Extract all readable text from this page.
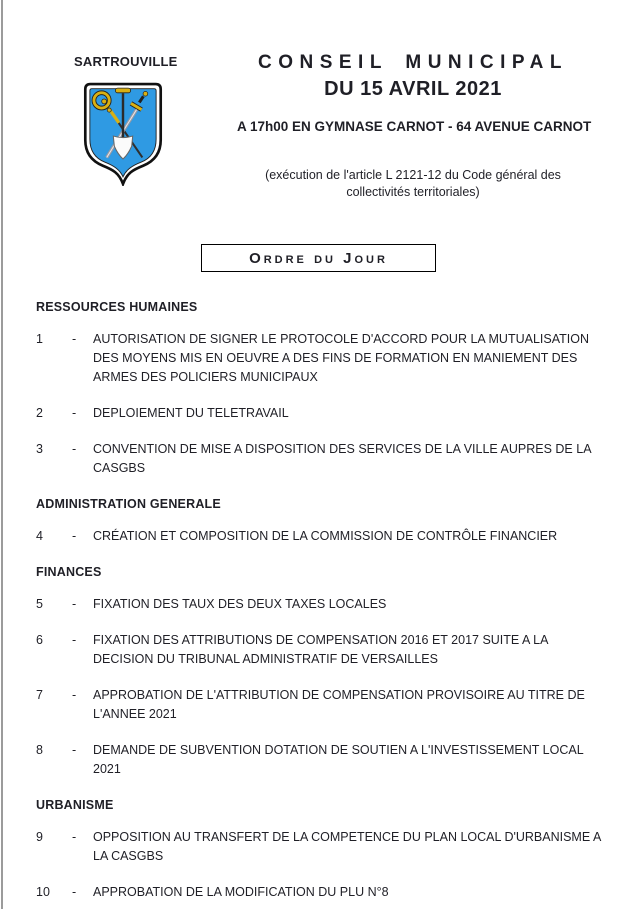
SARTROUVILLE	CONSEIL MUNICIPAL
DU 15 AVRIL 2021
A 17h00 EN GYMNASE CARNOT - 64 AVENUE CARNOT
(exécution de l'article L 2121-12 du Code général des collectivités territoriales)
Ordre du Jour
RESSOURCES HUMAINES
1	-	AUTORISATION DE SIGNER LE PROTOCOLE D'ACCORD POUR LA MUTUALISATION DES MOYENS MIS EN OEUVRE A DES FINS DE FORMATION EN MANIEMENT DES ARMES DES POLICIERS MUNICIPAUX
2	-	DEPLOIEMENT DU TELETRAVAIL
3	-	CONVENTION DE MISE A DISPOSITION DES SERVICES DE LA VILLE AUPRES DE LA CASGBS
ADMINISTRATION GENERALE
4	-	CRÉATION ET COMPOSITION DE LA COMMISSION DE CONTRÔLE FINANCIER
FINANCES
5	-	FIXATION DES TAUX DES DEUX TAXES LOCALES
6	-	FIXATION DES ATTRIBUTIONS DE COMPENSATION 2016 ET 2017 SUITE A LA DECISION DU TRIBUNAL ADMINISTRATIF DE VERSAILLES
7	-	APPROBATION DE L'ATTRIBUTION DE COMPENSATION PROVISOIRE AU TITRE DE L'ANNEE 2021
8	-	DEMANDE DE SUBVENTION DOTATION DE SOUTIEN A L'INVESTISSEMENT LOCAL 2021
URBANISME
9	-	OPPOSITION AU TRANSFERT DE LA COMPETENCE DU PLAN LOCAL D'URBANISME A LA CASGBS
10	-	APPROBATION DE LA MODIFICATION DU PLU N°8
